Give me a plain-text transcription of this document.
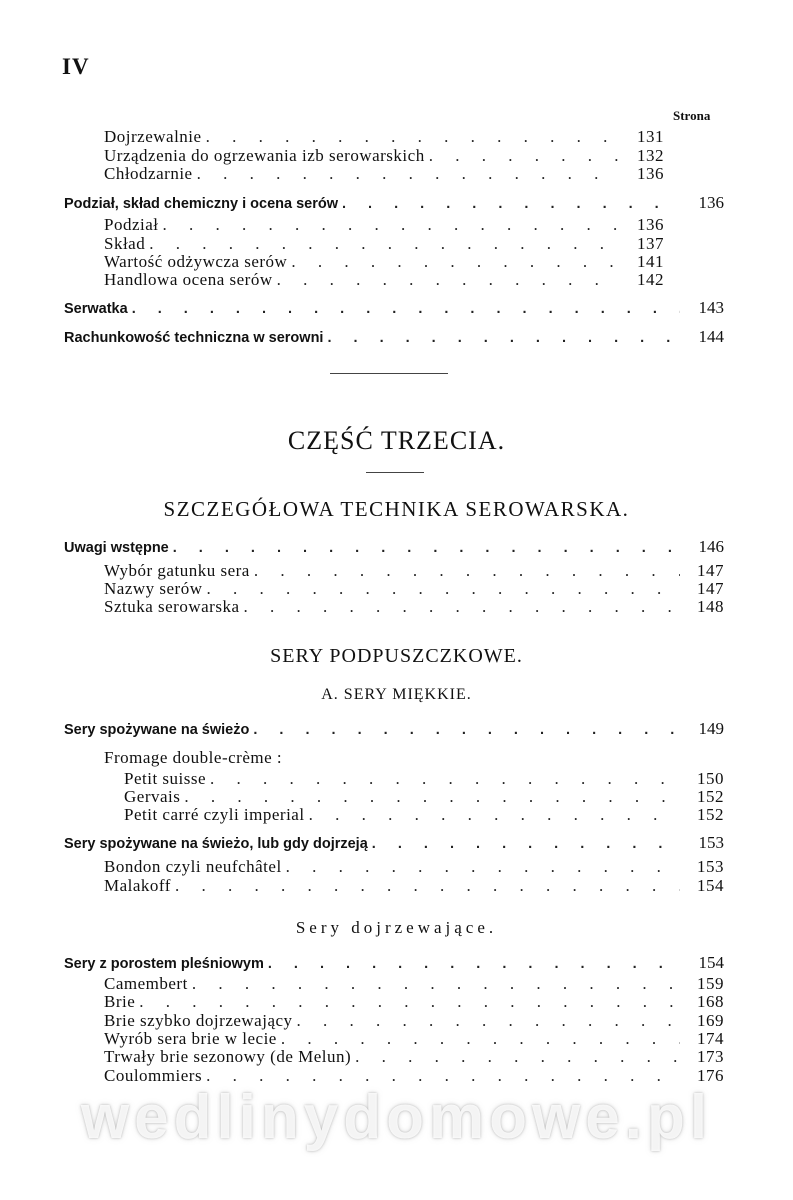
IV
Strona
Dojrzewalnie . . .	131
Urządzenia do ogrzewania izb serowarskich . . .	132
Chłodzarnie . . .	136
Podział, skład chemiczny i ocena serów . . .	136
Podział . . .	136
Skład . . .	137
Wartość odżywcza serów . . .	141
Handlowa ocena serów . . .	142
Serwatka . . .	143
Rachunkowość techniczna w serowni . . .	144
CZĘŚĆ TRZECIA.
SZCZEGÓŁOWA TECHNIKA SEROWARSKA.
Uwagi wstępne . . .	146
Wybór gatunku sera . . .	147
Nazwy serów . . .	147
Sztuka serowarska . . .	148
SERY PODPUSZCZKOWE.
A. SERY MIĘKKIE.
Sery spożywane na świeżo . . .	149
Fromage double-crème :
Petit suisse . . .	150
Gervais . . .	152
Petit carré czyli imperial . . .	152
Sery spożywane na świeżo, lub gdy dojrzeją . . .	153
Bondon czyli neufchâtel . . .	153
Malakoff . . .	154
Sery dojrzewające.
Sery z porostem pleśniowym . . .	154
Camembert . . .	159
Brie . . .	168
Brie szybko dojrzewający . . .	169
Wyrób sera brie w lecie . . .	174
Trwały brie sezonowy (de Melun) . . .	173
Coulommiers . . .	176
wedlinydomowe.pl
